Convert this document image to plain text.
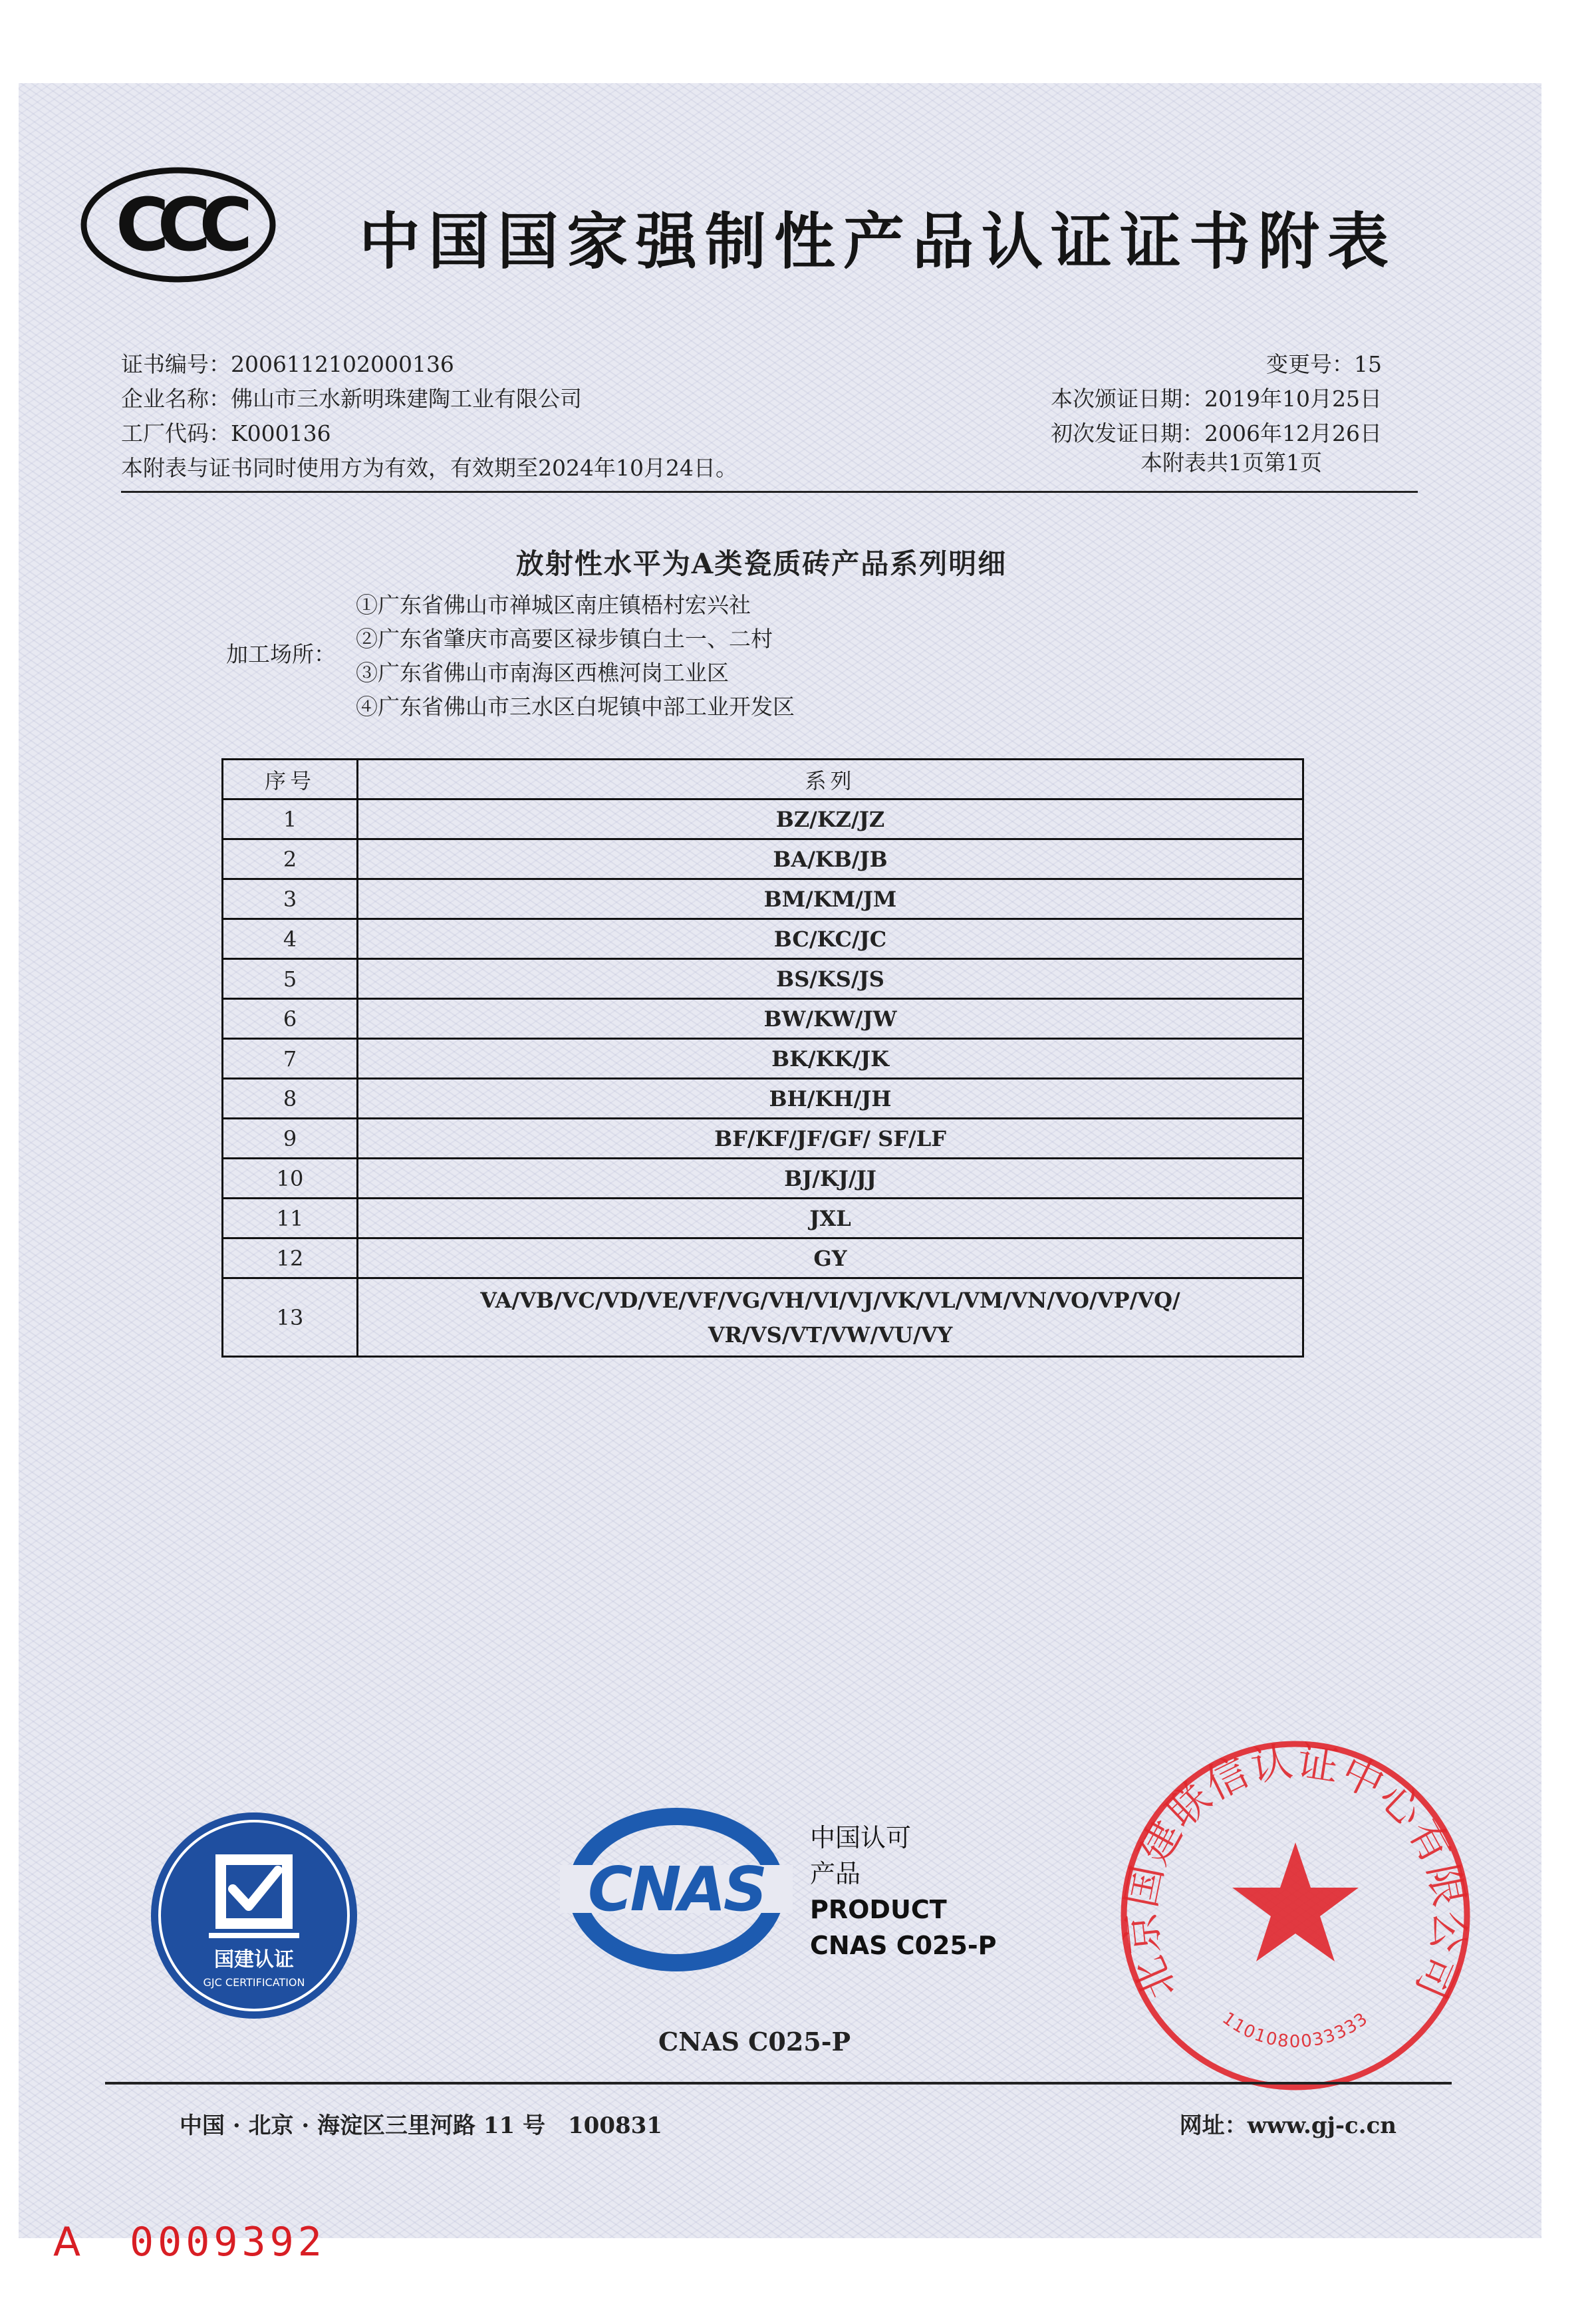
CCC 中国国家强制性产品认证证书附表
证书编号：2006112102000136
企业名称：佛山市三水新明珠建陶工业有限公司
工厂代码：K000136
本附表与证书同时使用方为有效，有效期至2024年10月24日。
变更号：15
本次颁证日期：2019年10月25日
初次发证日期：2006年12月26日
本附表共1页第1页
放射性水平为A类瓷质砖产品系列明细
加工场所：
①广东省佛山市禅城区南庄镇梧村宏兴社
②广东省肇庆市高要区禄步镇白土一、二村
③广东省佛山市南海区西樵河岗工业区
④广东省佛山市三水区白坭镇中部工业开发区
序号	系列
1	BZ/KZ/JZ
2	BA/KB/JB
3	BM/KM/JM
4	BC/KC/JC
5	BS/KS/JS
6	BW/KW/JW
7	BK/KK/JK
8	BH/KH/JH
9	BF/KF/JF/GF/ SF/LF
10	BJ/KJ/JJ
11	JXL
12	GY
13	VA/VB/VC/VD/VE/VF/VG/VH/VI/VJ/VK/VL/VM/VN/VO/VP/VQ/
VR/VS/VT/VW/VU/VY
国建认证
GJC CERTIFICATION
CNAS
中国认可
产品
PRODUCT
CNAS C025-P
CNAS C025-P
北京国建联信认证中心有限公司
1101080033333
中国 · 北京 · 海淀区三里河路 11 号　100831	网址：www.gj-c.cn
A 0009392
